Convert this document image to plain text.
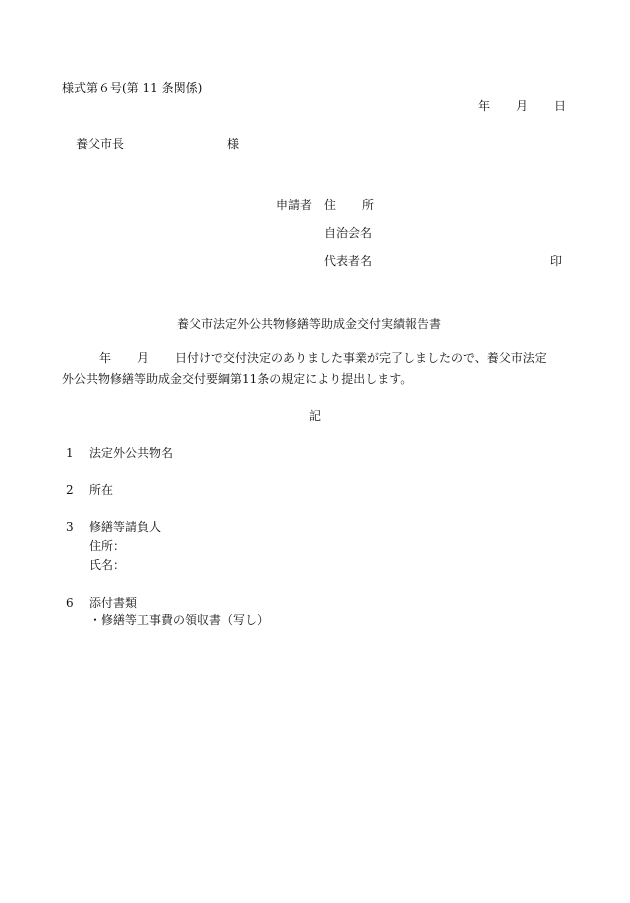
様式第６号(第 11 条関係)
年 月 日
養父市長	様
申請者 住 所
自治会名
代表者名	印
養父市法定外公共物修繕等助成金交付実績報告書
年 月 日付けで交付決定のありました事業が完了しましたので、養父市法定
外公共物修繕等助成金交付要綱第11条の規定により提出します。
記
1 法定外公共物名
2 所在
3 修繕等請負人
住所：
氏名：
6 添付書類
・修繕等工事費の領収書（写し）
